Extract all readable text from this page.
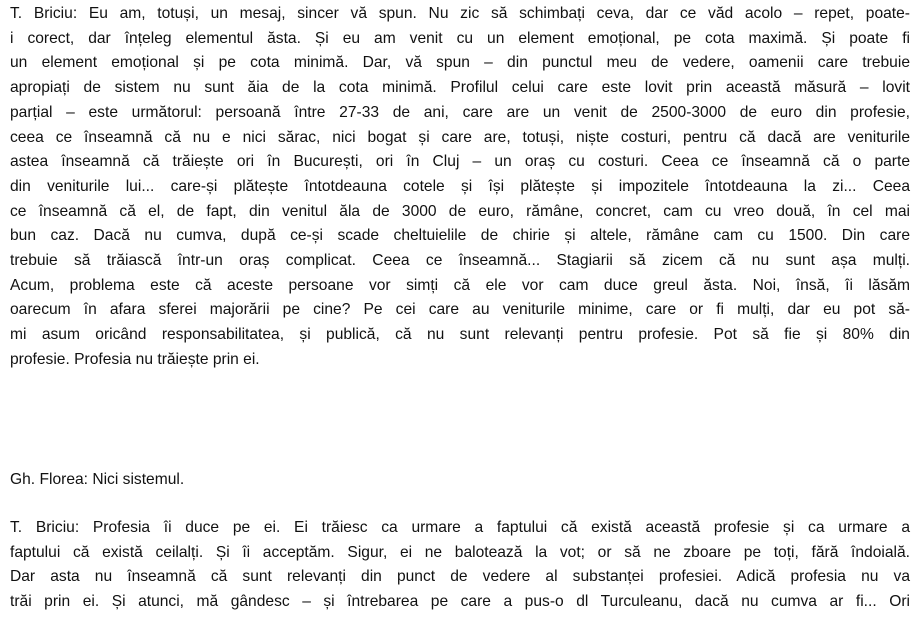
T. Briciu: Eu am, totuși, un mesaj, sincer vă spun. Nu zic să schimbați ceva, dar ce văd acolo – repet, poate-
i corect, dar înțeleg elementul ăsta. Și eu am venit cu un element emoțional, pe cota maximă. Și poate fi
un element emoțional și pe cota minimă. Dar, vă spun – din punctul meu de vedere, oamenii care trebuie
apropiați de sistem nu sunt ăia de la cota minimă. Profilul celui care este lovit prin această măsură – lovit
parțial – este următorul: persoană între 27-33 de ani, care are un venit de 2500-3000 de euro din profesie,
ceea ce înseamnă că nu e nici sărac, nici bogat și care are, totuși, niște costuri, pentru că dacă are veniturile
astea înseamnă că trăiește ori în București, ori în Cluj – un oraș cu costuri. Ceea ce înseamnă că o parte
din veniturile lui... care-și plătește întotdeauna cotele și își plătește și impozitele întotdeauna la zi... Ceea
ce înseamnă că el, de fapt, din venitul ăla de 3000 de euro, rămâne, concret, cam cu vreo două, în cel mai
bun caz. Dacă nu cumva, după ce-și scade cheltuielile de chirie și altele, rămâne cam cu 1500. Din care
trebuie să trăiască într-un oraș complicat. Ceea ce înseamnă... Stagiarii să zicem că nu sunt așa mulți.
Acum, problema este că aceste persoane vor simți că ele vor cam duce greul ăsta. Noi, însă, îi lăsăm
oarecum în afara sferei majorării pe cine? Pe cei care au veniturile minime, care or fi mulți, dar eu pot să-
mi asum oricând responsabilitatea, și publică, că nu sunt relevanți pentru profesie. Pot să fie și 80% din
profesie. Profesia nu trăiește prin ei.
Gh. Florea: Nici sistemul.
T. Briciu: Profesia îi duce pe ei. Ei trăiesc ca urmare a faptului că există această profesie și ca urmare a
faptului că există ceilalți. Și îi acceptăm. Sigur, ei ne balotează la vot; or să ne zboare pe toți, fără îndoială.
Dar asta nu înseamnă că sunt relevanți din punct de vedere al substanței profesiei. Adică profesia nu va
trăi prin ei. Și atunci, mă gândesc – și întrebarea pe care a pus-o dl Turculeanu, dacă nu cumva ar fi... Ori
